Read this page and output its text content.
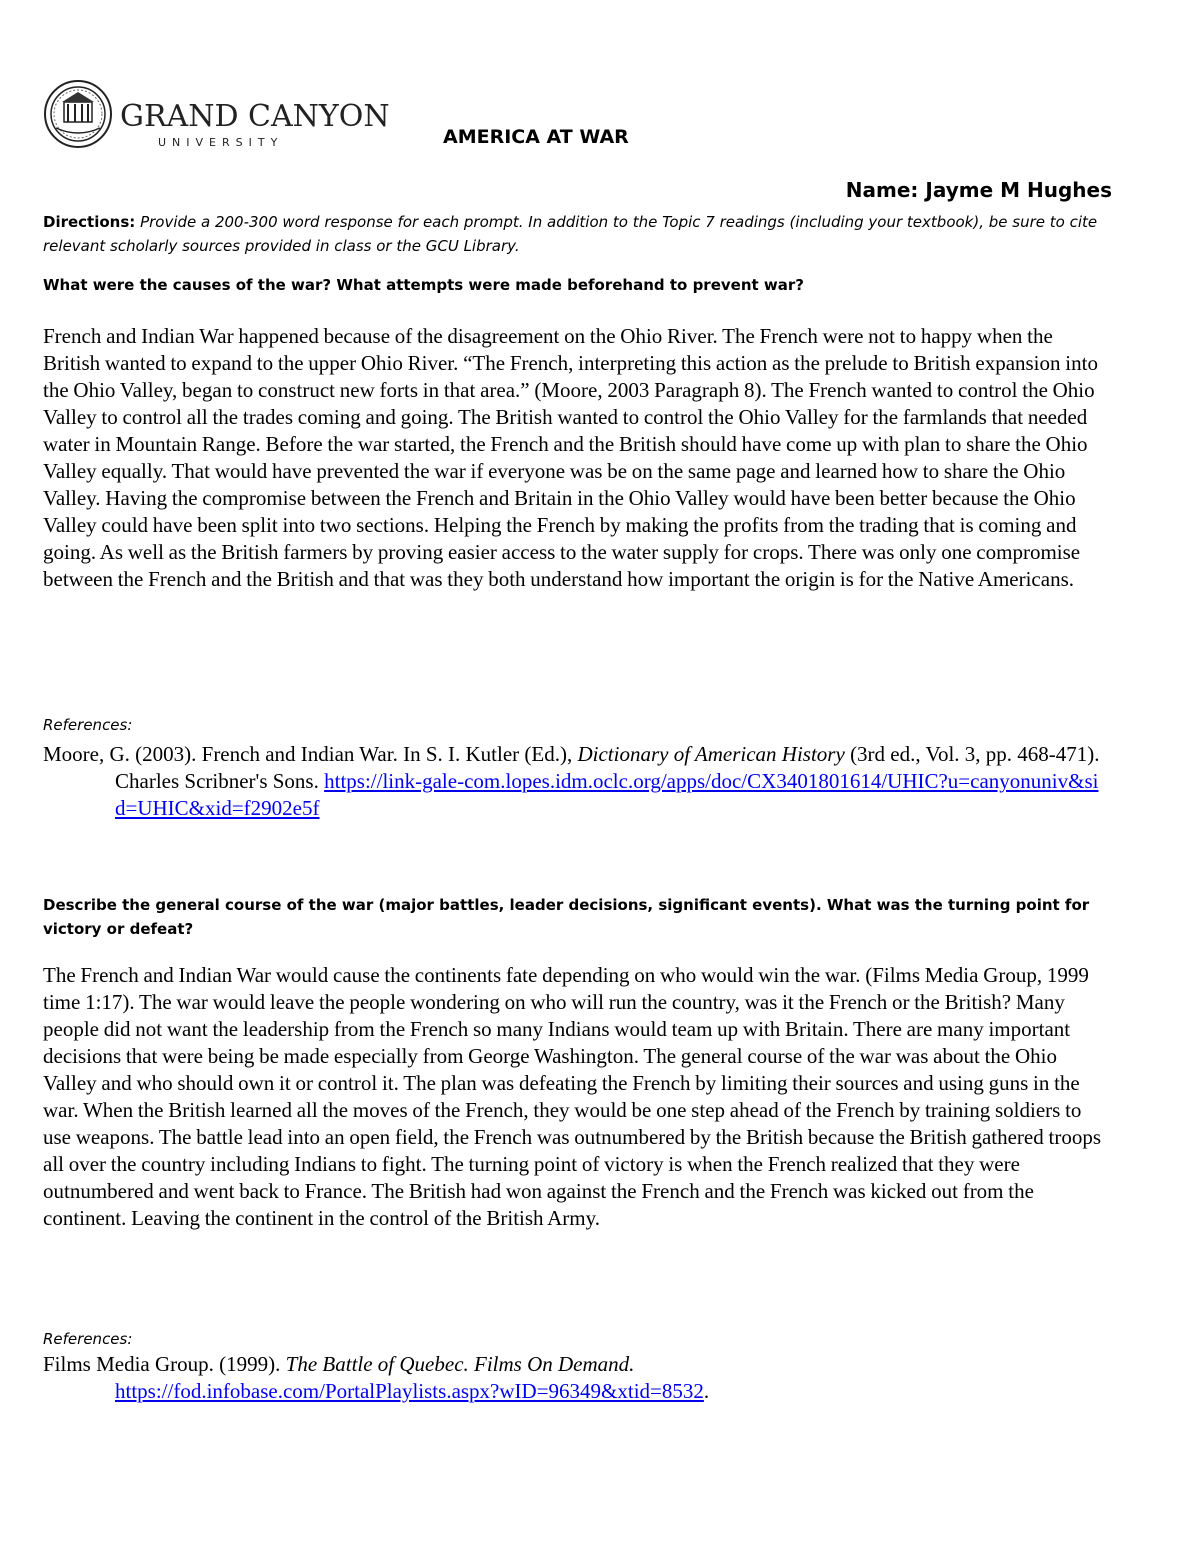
GRAND CANYON
UNIVERSITY	AMERICA AT WAR
Name: Jayme M Hughes
Directions: Provide a 200-300 word response for each prompt. In addition to the Topic 7 readings (including your textbook), be sure to cite relevant scholarly sources provided in class or the GCU Library.
What were the causes of the war? What attempts were made beforehand to prevent war?
French and Indian War happened because of the disagreement on the Ohio River. The French were not to happy when the British wanted to expand to the upper Ohio River. “The French, interpreting this action as the prelude to British expansion into the Ohio Valley, began to construct new forts in that area.” (Moore, 2003 Paragraph 8). The French wanted to control the Ohio Valley to control all the trades coming and going. The British wanted to control the Ohio Valley for the farmlands that needed water in Mountain Range. Before the war started, the French and the British should have come up with plan to share the Ohio Valley equally. That would have prevented the war if everyone was be on the same page and learned how to share the Ohio Valley. Having the compromise between the French and Britain in the Ohio Valley would have been better because the Ohio Valley could have been split into two sections. Helping the French by making the profits from the trading that is coming and going. As well as the British farmers by proving easier access to the water supply for crops. There was only one compromise between the French and the British and that was they both understand how important the origin is for the Native Americans.
References:
Moore, G. (2003). French and Indian War. In S. I. Kutler (Ed.), Dictionary of American History (3rd ed., Vol. 3, pp. 468-471). Charles Scribner's Sons. https://link-gale-com.lopes.idm.oclc.org/apps/doc/CX3401801614/UHIC?u=canyonuniv&sid=UHIC&xid=f2902e5f
Describe the general course of the war (major battles, leader decisions, significant events). What was the turning point for victory or defeat?
The French and Indian War would cause the continents fate depending on who would win the war. (Films Media Group, 1999 time 1:17). The war would leave the people wondering on who will run the country, was it the French or the British? Many people did not want the leadership from the French so many Indians would team up with Britain. There are many important decisions that were being be made especially from George Washington. The general course of the war was about the Ohio Valley and who should own it or control it. The plan was defeating the French by limiting their sources and using guns in the war. When the British learned all the moves of the French, they would be one step ahead of the French by training soldiers to use weapons. The battle lead into an open field, the French was outnumbered by the British because the British gathered troops all over the country including Indians to fight. The turning point of victory is when the French realized that they were outnumbered and went back to France. The British had won against the French and the French was kicked out from the continent. Leaving the continent in the control of the British Army.
References:
Films Media Group. (1999). The Battle of Quebec. Films On Demand.
https://fod.infobase.com/PortalPlaylists.aspx?wID=96349&xtid=8532.
